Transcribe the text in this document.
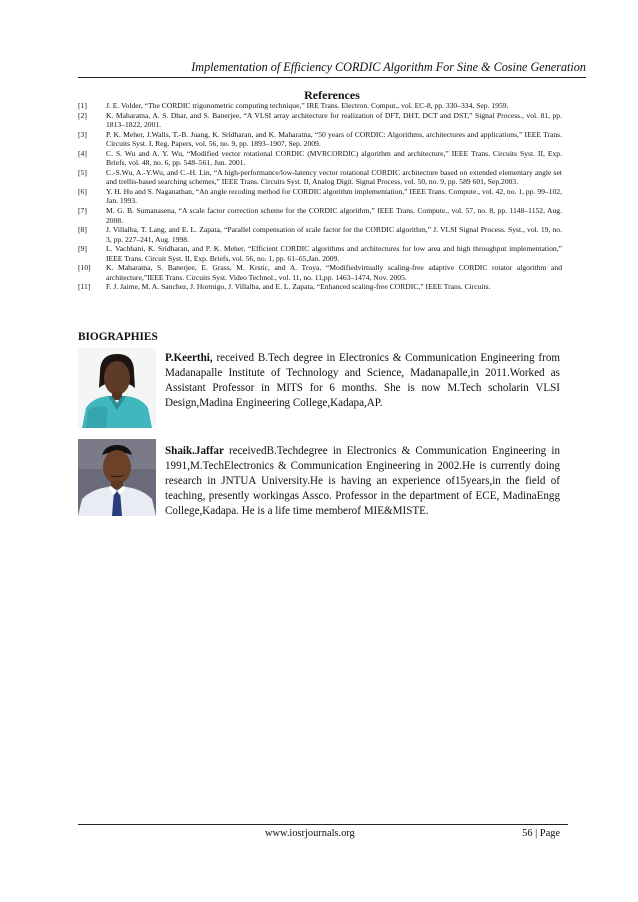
Implementation of Efficiency CORDIC Algorithm For Sine & Cosine Generation
References
[1]	J. E. Volder, “The CORDIC trigonometric computing technique,” IRE Trans. Electron. Comput., vol. EC-8, pp. 330–334, Sep. 1959.
[2]	K. Maharatna, A. S. Dhar, and S. Banerjee, “A VLSI array architecture for realization of DFT, DHT, DCT and DST,” Signal Process., vol. 81, pp. 1813–1822, 2001.
[3]	P. K. Meher, J.Walls, T.-B. Juang, K. Sridharan, and K. Maharatna, “50 years of CORDIC: Algorithms, architectures and applications,” IEEE Trans. Circuits Syst. I, Reg. Papers, vol. 56, no. 9, pp. 1893–1907, Sep. 2009.
[4]	C. S. Wu and A. Y. Wu, “Modified vector rotational CORDIC (MVRCORDIC) algorithm and architecture,” IEEE Trans. Circuits Syst. II, Exp. Briefs, vol. 48, no. 6, pp. 548–561, Jun. 2001.
[5]	C.-S.Wu, A.-Y.Wu, and C.-H. Lin, “A high-performance/low-latency vector rotational CORDIC architecture based on extended elementary angle set and trellis-based searching schemes,” IEEE Trans. Circuits Syst. II, Analog Digit. Signal Process, vol. 50, no. 9, pp. 589 601, Sep.2003.
[6]	Y. H. Hu and S. Naganathan, “An angle recoding method for CORDIC algorithm implementation,” IEEE Trans. Compute., vol. 42, no. 1, pp. 99–102, Jan. 1993.
[7]	M. G. B. Sumanasena, “A scale factor correction scheme for the CORDIC algorithm,” IEEE Trans. Compute., vol. 57, no. 8, pp. 1148–1152, Aug. 2008.
[8]	J. Villalba, T. Lang, and E. L. Zapata, “Parallel compensation of scale factor for the CORDIC algorithm,” J. VLSI Signal Process. Syst., vol. 19, no. 3, pp. 227–241, Aug. 1998.
[9]	L. Vachhani, K. Sridharan, and P. K. Meher, “Efficient CORDIC algorithms and architectures for low area and high throughput implementation,” IEEE Trans. Circuit Syst. II, Exp. Briefs, vol. 56, no. 1, pp. 61–65,Jan. 2009.
[10]	K. Maharatna, S. Banerjee, E. Grass, M. Krstic, and A. Troya, “Modifiedvirtually scaling-free adaptive CORDIC rotator algorithm and architecture,”IEEE Trans. Circuits Syst. Video Technol., vol. 11, no. 11,pp. 1463–1474, Nov. 2005.
[11]	F. J. Jaime, M. A. Sanchez, J. Hormigo, J. Villalba, and E. L. Zapata, “Enhanced scaling-free CORDIC,” IEEE Trans. Circuits.
BIOGRAPHIES
P.Keerthi, received B.Tech degree in Electronics & Communication Engineering from Madanapalle Institute of Technology and Science, Madanapalle,in 2011.Worked as Assistant Professor in MITS for 6 months. She is now M.Tech scholarin VLSI Design,Madina Engineering College,Kadapa,AP.
Shaik.Jaffar receivedB.Techdegree in Electronics & Communication Engineering in 1991,M.TechElectronics & Communication Engineering in 2002.He is currently doing research in JNTUA University.He is having an experience of15years,in the field of teaching, presently workingas Assco. Professor in the department of ECE, MadinaEngg College,Kadapa. He is a life time memberof MIE&MISTE.
www.iosrjournals.org	56 | Page
